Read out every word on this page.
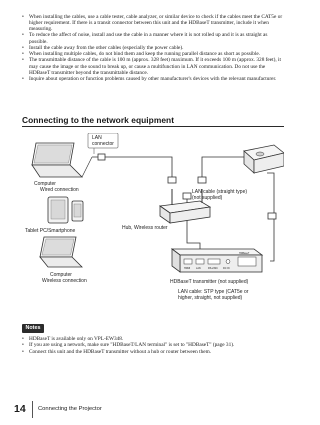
• When installing the cables, use a cable tester, cable analyzer, or similar device to check if the cables meet the CAT5e or higher requirement. If there is a transit connector between this unit and the HDBaseT transmitter, include it when measuring.
• To reduce the affect of noise, install and use the cable in a manner where it is not rolled up and it is as straight as possible.
• Install the cable away from the other cables (especially the power cable).
• When installing multiple cables, do not bind them and keep the running parallel distance as short as possible.
• The transmittable distance of the cable is 100 m (approx. 328 feet) maximum. If it exceeds 100 m (approx. 328 feet), it may cause the image or the sound to break up, or cause a multifunction in LAN communication. Do not use the HDBaseT transmitter beyond the transmittable distance.
• Inquire about operation or function problems caused by other manufacturer's devices with the relevant manufacturer.
Connecting to the network equipment
LAN
connector
Computer
Wired connection	LAN cable (straight type)
(not supplied)
Tablet PC/Smartphone	Hub, Wireless router
Computer
Wireless connection
HDMI LAN	RS-232C
HDBaseT
DC IN
HDBaseT transmitter (not supplied)
LAN cable: STP type (CAT5e or
higher, straight, not supplied)
Notes
• HDBaseT is available only on VPL-EW348.
• If you are using a network, make sure "HDBaseT/LAN terminal" is set to "HDBaseT" (page 31).
• Connect this unit and the HDBaseT transmitter without a hub or router between them.
14 Connecting the Projector
